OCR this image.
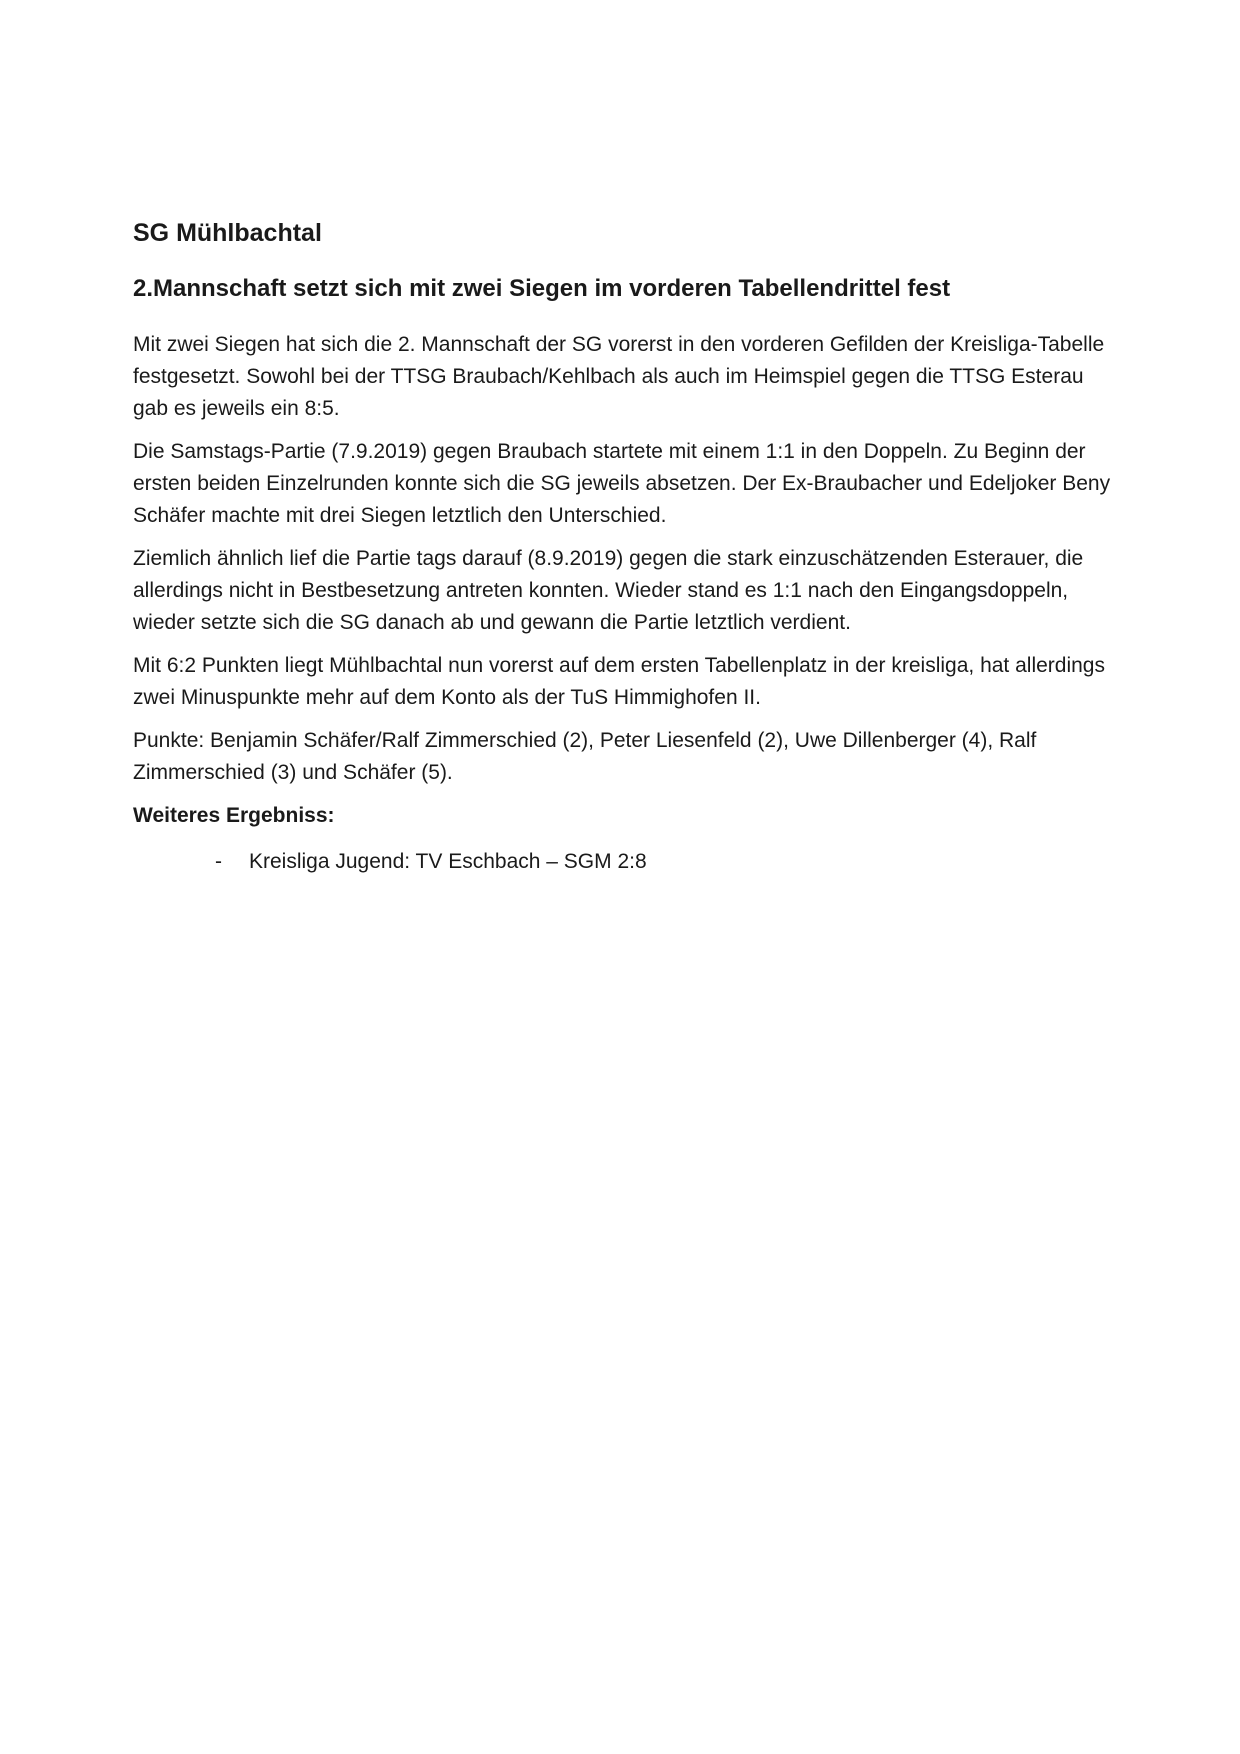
SG Mühlbachtal
2.Mannschaft setzt sich mit zwei Siegen im vorderen Tabellendrittel fest

Mit zwei Siegen hat sich die 2. Mannschaft der SG vorerst in den vorderen Gefilden der Kreisliga-Tabelle festgesetzt. Sowohl bei der TTSG Braubach/Kehlbach als auch im Heimspiel gegen die TTSG Esterau gab es jeweils ein 8:5.

Die Samstags-Partie (7.9.2019) gegen Braubach startete mit einem 1:1 in den Doppeln. Zu Beginn der ersten beiden Einzelrunden konnte sich die SG jeweils absetzen. Der Ex-Braubacher und Edeljoker Beny Schäfer machte mit drei Siegen letztlich den Unterschied.

Ziemlich ähnlich lief die Partie tags darauf (8.9.2019) gegen die stark einzuschätzenden Esterauer, die allerdings nicht in Bestbesetzung antreten konnten. Wieder stand es 1:1 nach den Eingangsdoppeln, wieder setzte sich die SG danach ab und gewann die Partie letztlich verdient.

Mit 6:2 Punkten liegt Mühlbachtal nun vorerst auf dem ersten Tabellenplatz in der kreisliga, hat allerdings zwei Minuspunkte mehr auf dem Konto als der TuS Himmighofen II.

Punkte: Benjamin Schäfer/Ralf Zimmerschied (2), Peter Liesenfeld (2), Uwe Dillenberger (4), Ralf Zimmerschied (3) und Schäfer (5).

Weiteres Ergebniss:
-	Kreisliga Jugend: TV Eschbach – SGM 2:8
